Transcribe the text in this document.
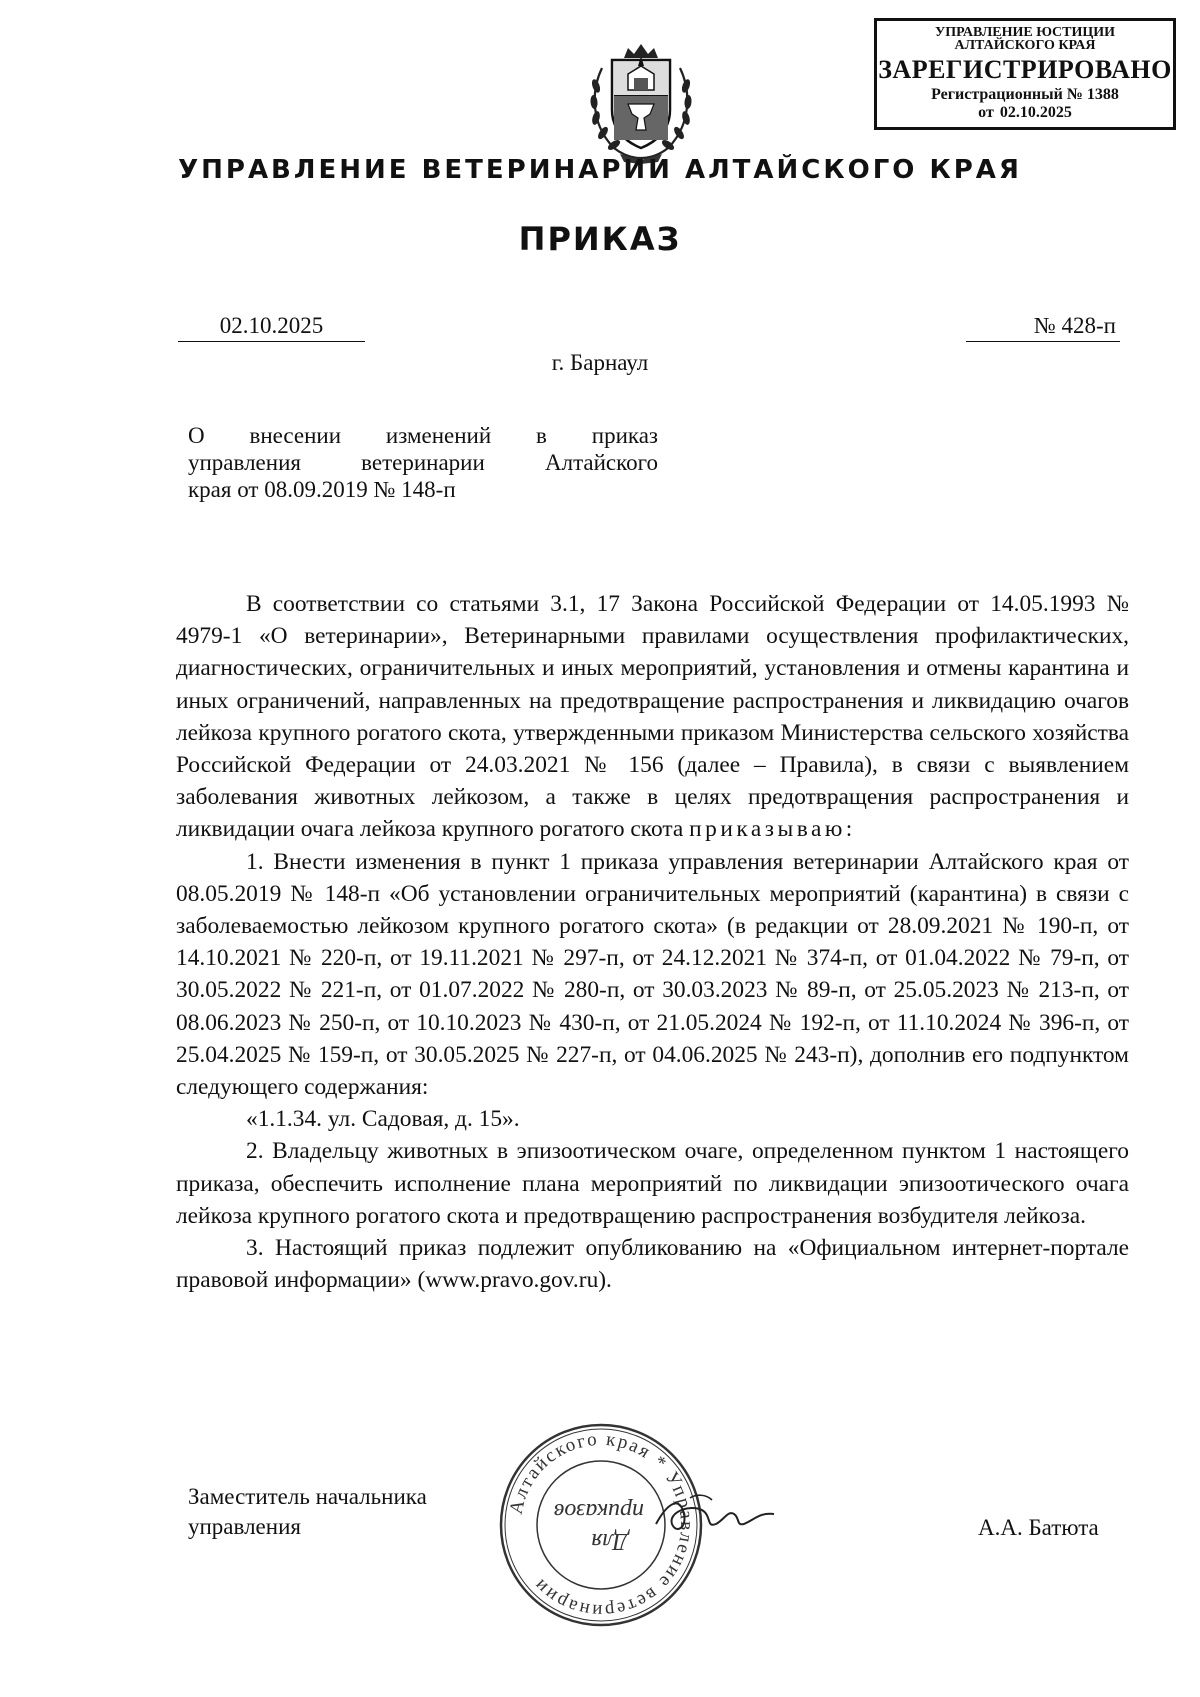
УПРАВЛЕНИЕ ЮСТИЦИИ
АЛТАЙСКОГО КРАЯ
ЗАРЕГИСТРИРОВАНО
Регистрационный № 1388
от 02.10.2025
УПРАВЛЕНИЕ ВЕТЕРИНАРИИ АЛТАЙСКОГО КРАЯ
ПРИКАЗ
02.10.2025	№ 428-п
г. Барнаул
О внесении изменений в приказ
управления ветеринарии Алтайского
края от 08.09.2019 № 148-п

В соответствии со статьями 3.1, 17 Закона Российской Федерации от 14.05.1993 № 4979-1 «О ветеринарии», Ветеринарными правилами осуществления профилактических, диагностических, ограничительных и иных мероприятий, установления и отмены карантина и иных ограничений, направленных на предотвращение распространения и ликвидацию очагов лейкоза крупного рогатого скота, утвержденными приказом Министерства сельского хозяйства Российской Федерации от 24.03.2021 № 156 (далее – Правила), в связи с выявлением заболевания животных лейкозом, а также в целях предотвращения распространения и ликвидации очага лейкоза крупного рогатого скота приказываю:

1. Внести изменения в пункт 1 приказа управления ветеринарии Алтайского края от 08.05.2019 № 148-п «Об установлении ограничительных мероприятий (карантина) в связи с заболеваемостью лейкозом крупного рогатого скота» (в редакции от 28.09.2021 № 190-п, от 14.10.2021 № 220-п, от 19.11.2021 № 297-п, от 24.12.2021 № 374-п, от 01.04.2022 № 79-п, от 30.05.2022 № 221-п, от 01.07.2022 № 280-п, от 30.03.2023 № 89-п, от 25.05.2023 № 213-п, от 08.06.2023 № 250-п, от 10.10.2023 № 430-п, от 21.05.2024 № 192-п, от 11.10.2024 № 396-п, от 25.04.2025 № 159-п, от 30.05.2025 № 227-п, от 04.06.2025 № 243-п), дополнив его подпунктом следующего содержания:

«1.1.34. ул. Садовая, д. 15».

2. Владельцу животных в эпизоотическом очаге, определенном пунктом 1 настоящего приказа, обеспечить исполнение плана мероприятий по ликвидации эпизоотического очага лейкоза крупного рогатого скота и предотвращению распространения возбудителя лейкоза.

3. Настоящий приказ подлежит опубликованию на «Официальном интернет-портале правовой информации» (www.pravo.gov.ru).

Заместитель начальника
управления	А.А. Батюта
Алтайского края * Управление ветеринарии
Для
приказов
